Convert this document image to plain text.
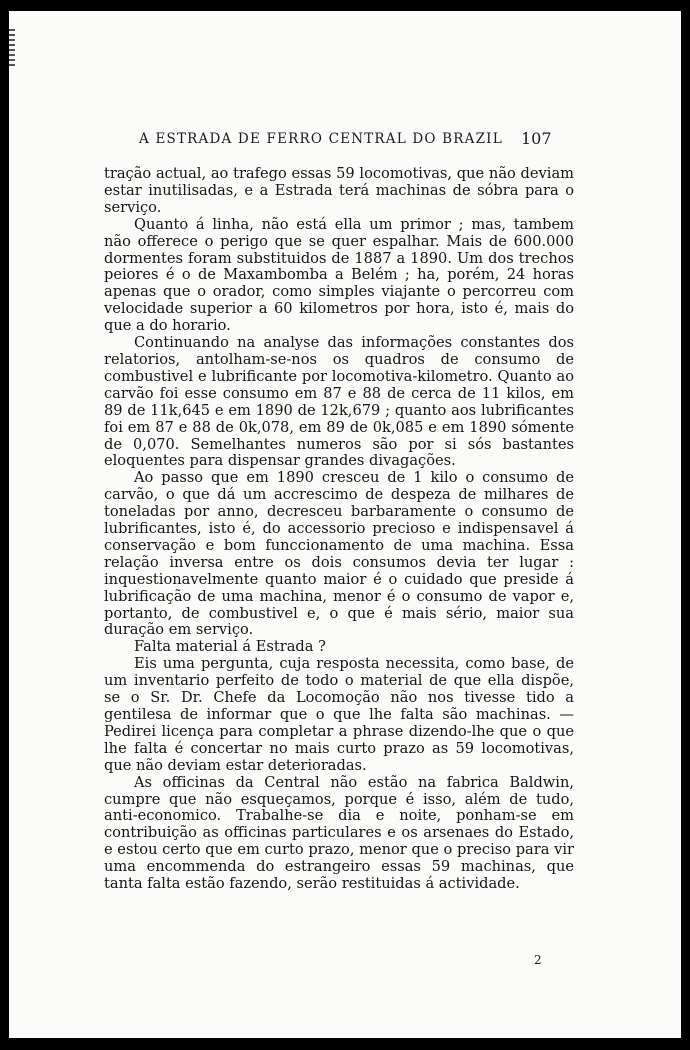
A ESTRADA DE FERRO CENTRAL DO BRAZIL 107

tração actual, ao trafego essas 59 locomotivas, que não deviam estar inutilisadas, e a Estrada terá machinas de sóbra para o serviço.

Quanto á linha, não está ella um primor ; mas, tambem não offerece o perigo que se quer espalhar. Mais de 600.000 dormentes foram substituidos de 1887 a 1890. Um dos trechos peiores é o de Maxambomba a Belém ; ha, porém, 24 horas apenas que o orador, como simples viajante o percorreu com velocidade superior a 60 kilometros por hora, isto é, mais do que a do horario.

Continuando na analyse das informações constantes dos relatorios, antolham-se-nos os quadros de consumo de combustivel e lubrificante por locomotiva-kilometro. Quanto ao carvão foi esse consumo em 87 e 88 de cerca de 11 kilos, em 89 de 11k,645 e em 1890 de 12k,679 ; quanto aos lubrificantes foi em 87 e 88 de 0k,078, em 89 de 0k,085 e em 1890 sómente de 0,070. Semelhantes numeros são por si sós bastantes eloquentes para dispensar grandes divagações.

Ao passo que em 1890 cresceu de 1 kilo o consumo de carvão, o que dá um accrescimo de despeza de milhares de toneladas por anno, decresceu barbaramente o consumo de lubrificantes, isto é, do accessorio precioso e indispensavel á conservação e bom funccionamento de uma machina. Essa relação inversa entre os dois consumos devia ter lugar : inquestionavelmente quanto maior é o cuidado que preside á lubrificação de uma machina, menor é o consumo de vapor e, portanto, de combustivel e, o que é mais sério, maior sua duração em serviço.

Falta material á Estrada ?

Eis uma pergunta, cuja resposta necessita, como base, de um inventario perfeito de todo o material de que ella dispõe, se o Sr. Dr. Chefe da Locomoção não nos tivesse tido a gentilesa de informar que o que lhe falta são machinas. — Pedirei licença para completar a phrase dizendo-lhe que o que lhe falta é concertar no mais curto prazo as 59 locomotivas, que não deviam estar deterioradas.

As officinas da Central não estão na fabrica Baldwin, cumpre que não esqueçamos, porque é isso, além de tudo, anti-economico. Trabalhe-se dia e noite, ponham-se em contribuição as officinas particulares e os arsenaes do Estado, e estou certo que em curto prazo, menor que o preciso para vir uma encommenda do estrangeiro essas 59 machinas, que tanta falta estão fazendo, serão restituidas á actividade.

2
